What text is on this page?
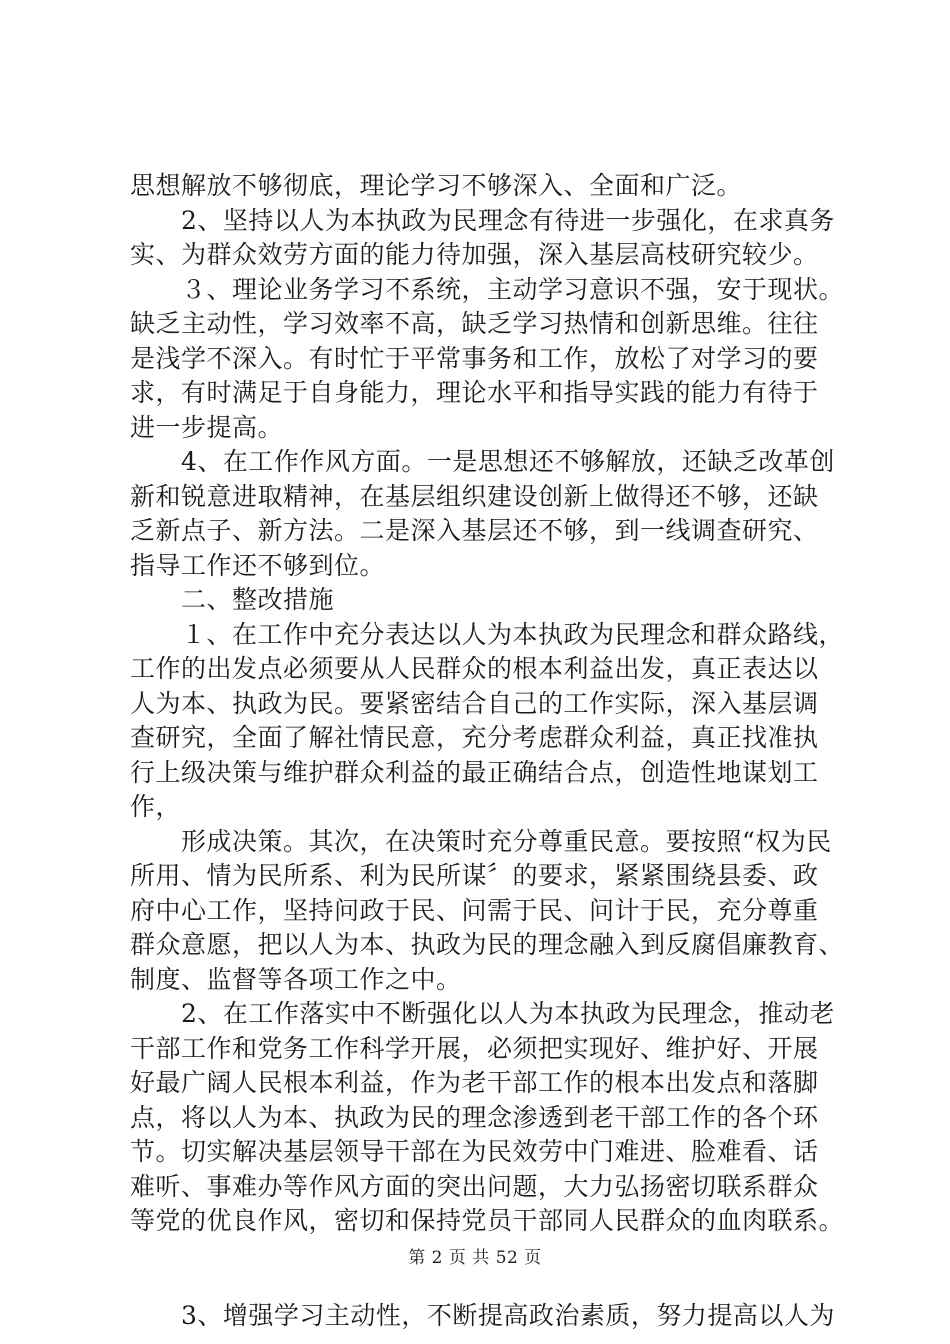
思想解放不够彻底，理论学习不够深入、全面和广泛。
　　2、坚持以人为本执政为民理念有待进一步强化，在求真务
实、为群众效劳方面的能力待加强，深入基层高枝研究较少。
　　３、理论业务学习不系统，主动学习意识不强，安于现状。
缺乏主动性，学习效率不高，缺乏学习热情和创新思维。往往
是浅学不深入。有时忙于平常事务和工作，放松了对学习的要
求，有时满足于自身能力，理论水平和指导实践的能力有待于
进一步提高。
　　4、在工作作风方面。一是思想还不够解放，还缺乏改革创
新和锐意进取精神，在基层组织建设创新上做得还不够，还缺
乏新点子、新方法。二是深入基层还不够，到一线调查研究、
指导工作还不够到位。
　　二、整改措施
　　１、在工作中充分表达以人为本执政为民理念和群众路线，
工作的出发点必须要从人民群众的根本利益出发，真正表达以
人为本、执政为民。要紧密结合自己的工作实际，深入基层调
查研究，全面了解社情民意，充分考虑群众利益，真正找准执
行上级决策与维护群众利益的最正确结合点，创造性地谋划工
作，
　　形成决策。其次，在决策时充分尊重民意。要按照“权为民
所用、情为民所系、利为民所谋〞的要求，紧紧围绕县委、政
府中心工作，坚持问政于民、问需于民、问计于民，充分尊重
群众意愿，把以人为本、执政为民的理念融入到反腐倡廉教育、
制度、监督等各项工作之中。
　　2、在工作落实中不断强化以人为本执政为民理念，推动老
干部工作和党务工作科学开展，必须把实现好、维护好、开展
好最广阔人民根本利益，作为老干部工作的根本出发点和落脚
点，将以人为本、执政为民的理念渗透到老干部工作的各个环
节。切实解决基层领导干部在为民效劳中门难进、脸难看、话
难听、事难办等作风方面的突出问题，大力弘扬密切联系群众
等党的优良作风，密切和保持党员干部同人民群众的血肉联系。
　　3、增强学习主动性，不断提高政治素质，努力提高以人为
第 2 页 共 52 页
